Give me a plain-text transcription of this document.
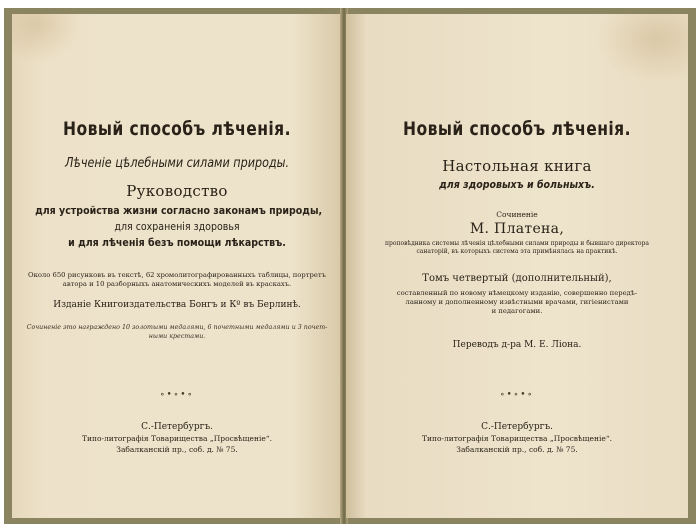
Новый способъ лѣченія.
Лѣченіе цѣлебными силами природы.
Руководство
для устройства жизни согласно законамъ природы,
для сохраненія здоровья
и для лѣченія безъ помощи лѣкарствъ.
Около 650 рисунковъ въ текстѣ, 62 хромолитографированныхъ таблицы, портретъ
автора и 10 разборныхъ анатомическихъ моделей въ краскахъ.
Изданіе Книгоиздательства Бонгъ и Кº въ Берлинѣ.
Сочиненіе это награждено 10 золотыми медалями, 6 почетными медалями и 3 почет-
ными крестами.
∘•∘•∘
С.-Петербургъ.
Типо-литографія Товарищества „Просвѣщеніе“.
Забалканскій пр., соб. д. № 75.
Новый способъ лѣченія.
Настольная книга
для здоровыхъ и больныхъ.
Сочиненіе
М. Платена,
проповѣдника системы лѣченія цѣлебными силами природы и бывшаго директора
санаторій, въ которыхъ система эта примѣнялась на практикѣ.
Томъ четвертый (дополнительный),
составленный по новому нѣмецкому изданію, совершенно передѣ-
ланному и дополненному извѣстными врачами, гигіенистами
и педагогами.
Переводъ д-ра М. Е. Лiона.
∘•∘•∘
С.-Петербургъ.
Типо-литографія Товарищества „Просвѣщеніе“.
Забалканскій пр., соб. д. № 75.
